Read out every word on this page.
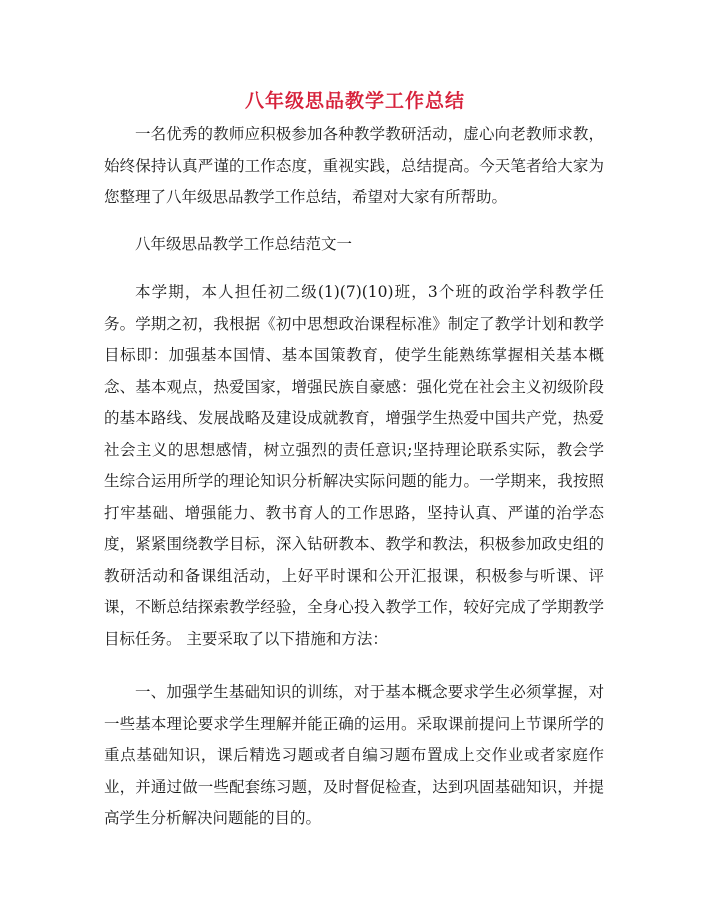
八年级思品教学工作总结

一名优秀的教师应积极参加各种教学教研活动，虚心向老教师求教，始终保持认真严谨的工作态度，重视实践，总结提高。今天笔者给大家为您整理了八年级思品教学工作总结，希望对大家有所帮助。

八年级思品教学工作总结范文一

本学期，本人担任初二级(1)(7)(10)班，3个班的政治学科教学任务。学期之初，我根据《初中思想政治课程标准》制定了教学计划和教学目标即：加强基本国情、基本国策教育，使学生能熟练掌握相关基本概念、基本观点，热爱国家，增强民族自豪感：强化党在社会主义初级阶段的基本路线、发展战略及建设成就教育，增强学生热爱中国共产党，热爱社会主义的思想感情，树立强烈的责任意识;坚持理论联系实际，教会学生综合运用所学的理论知识分析解决实际问题的能力。一学期来，我按照打牢基础、增强能力、教书育人的工作思路，坚持认真、严谨的治学态度，紧紧围绕教学目标，深入钻研教本、教学和教法，积极参加政史组的教研活动和备课组活动，上好平时课和公开汇报课，积极参与听课、评课，不断总结探索教学经验，全身心投入教学工作，较好完成了学期教学目标任务。 主要采取了以下措施和方法：

一、加强学生基础知识的训练，对于基本概念要求学生必须掌握，对一些基本理论要求学生理解并能正确的运用。采取课前提问上节课所学的重点基础知识，课后精选习题或者自编习题布置成上交作业或者家庭作业，并通过做一些配套练习题，及时督促检查，达到巩固基础知识，并提高学生分析解决问题能的目的。
